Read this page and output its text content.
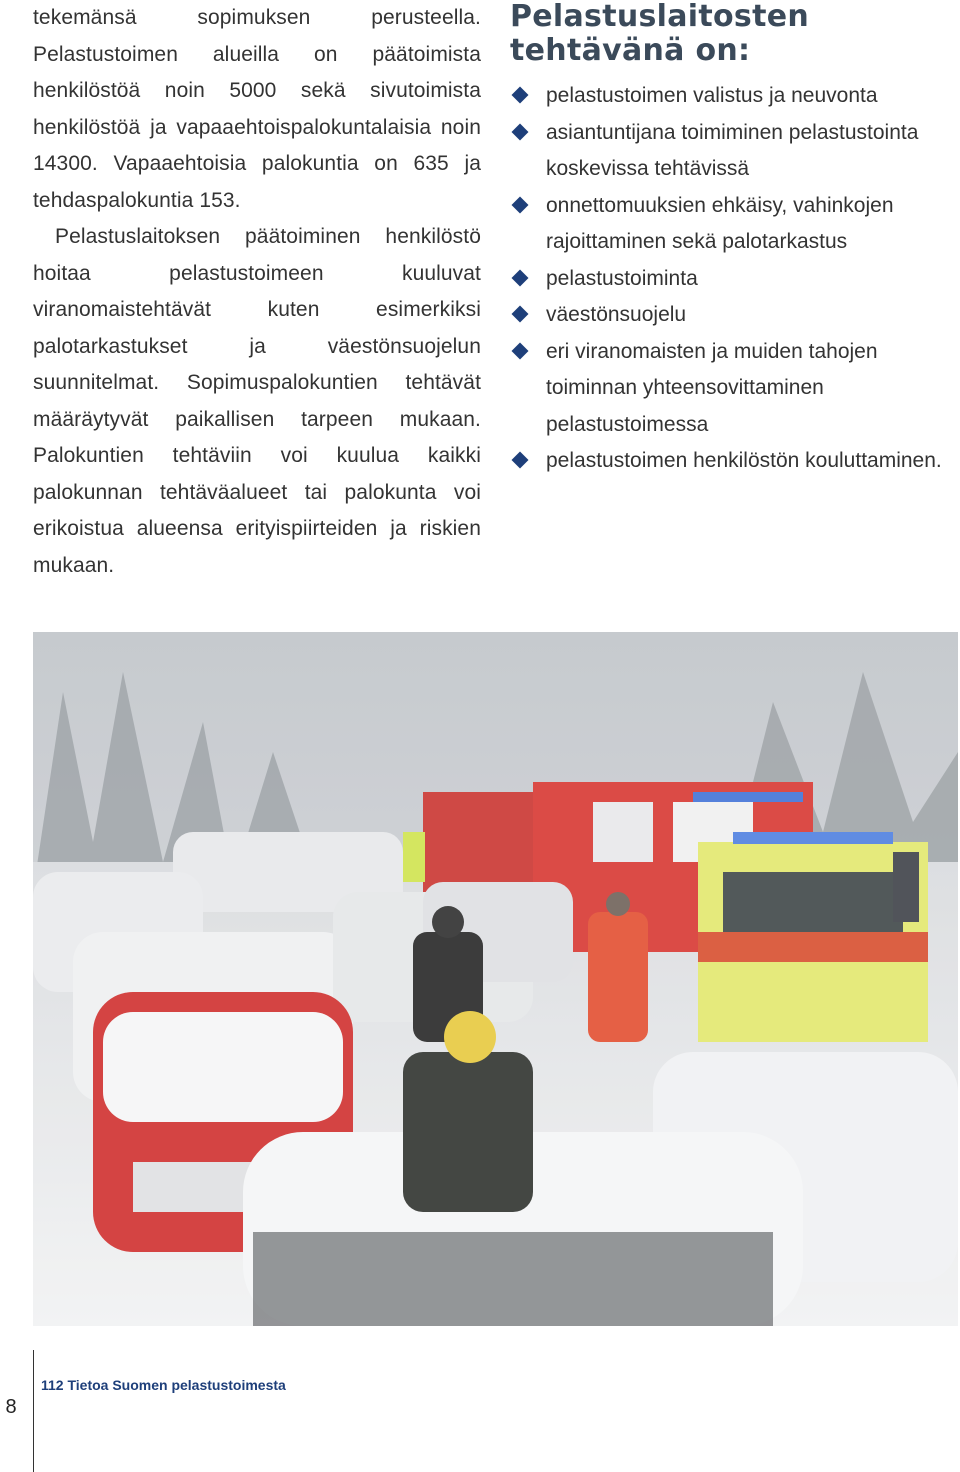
tekemänsä sopimuksen perusteella. Pelastustoimen alueilla on päätoimista henkilöstöä noin 5000 sekä sivutoimista henkilöstöä ja vapaaehtoispalokuntalaisia noin 14300. Vapaaehtoisia palokuntia on 635 ja tehdaspalokuntia 153.

Pelastuslaitoksen päätoiminen henkilöstö hoitaa pelastustoimeen kuuluvat viranomaistehtävät kuten esimerkiksi palotarkastukset ja väestönsuojelun suunnitelmat. Sopimuspalokuntien tehtävät määräytyvät paikallisen tarpeen mukaan. Palokuntien tehtäviin voi kuulua kaikki palokunnan tehtäväalueet tai palokunta voi erikoistua alueensa erityispiirteiden ja riskien mukaan.

Pelastuslaitosten
tehtävänä on:
pelastustoimen valistus ja neuvonta
asiantuntijana toimiminen pelastustointa koskevissa tehtävissä
onnettomuuksien ehkäisy, vahinkojen rajoittaminen sekä palotarkastus
pelastustoiminta
väestönsuojelu
eri viranomaisten ja muiden tahojen toiminnan yhteensovittaminen pelastustoimessa
pelastustoimen henkilöstön kouluttaminen.
8
112 Tietoa Suomen pelastustoimesta
